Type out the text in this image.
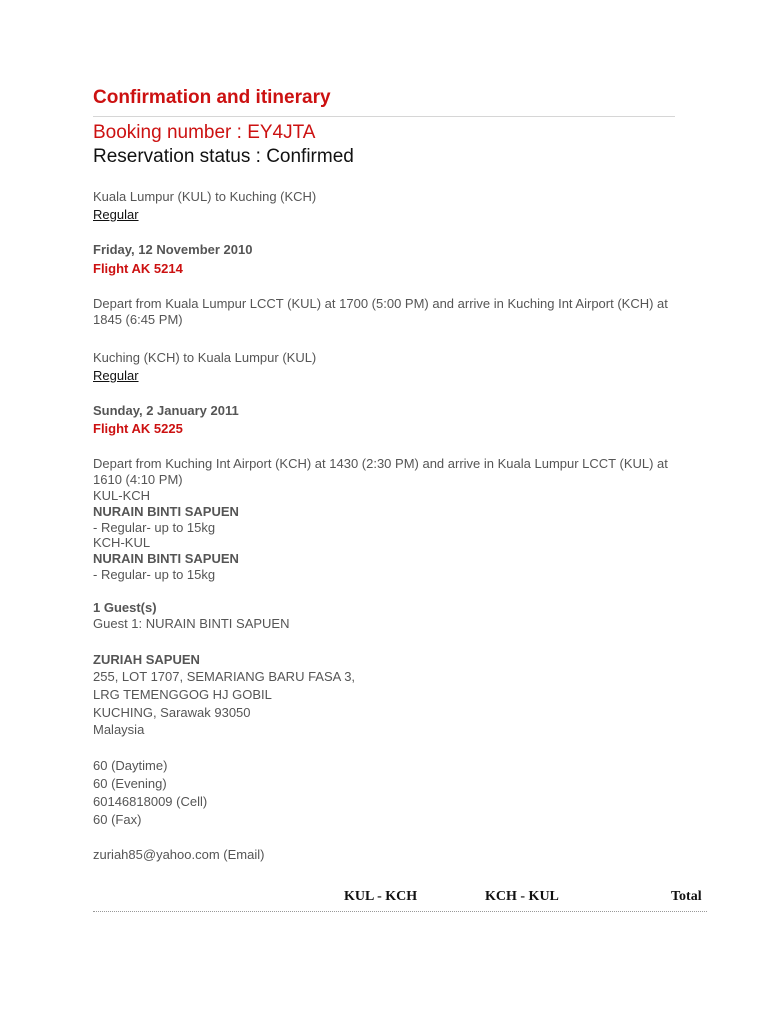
Confirmation and itinerary
Booking number : EY4JTA
Reservation status : Confirmed
Kuala Lumpur (KUL) to Kuching (KCH)
Regular
Friday, 12 November 2010
Flight AK 5214
Depart from Kuala Lumpur LCCT (KUL) at 1700 (5:00 PM) and arrive in Kuching Int Airport (KCH) at 1845 (6:45 PM)
Kuching (KCH) to Kuala Lumpur (KUL)
Regular
Sunday, 2 January 2011
Flight AK 5225
Depart from Kuching Int Airport (KCH) at 1430 (2:30 PM) and arrive in Kuala Lumpur LCCT (KUL) at 1610 (4:10 PM)
KUL-KCH
NURAIN BINTI SAPUEN
- Regular- up to 15kg
KCH-KUL
NURAIN BINTI SAPUEN
- Regular- up to 15kg
1 Guest(s)
Guest 1: NURAIN BINTI SAPUEN
ZURIAH SAPUEN
255, LOT 1707, SEMARIANG BARU FASA 3,
LRG TEMENGGOG HJ GOBIL
KUCHING, Sarawak 93050
Malaysia
60 (Daytime)
60 (Evening)
60146818009 (Cell)
60 (Fax)
zuriah85@yahoo.com (Email)
KUL - KCH	KCH - KUL	Total
